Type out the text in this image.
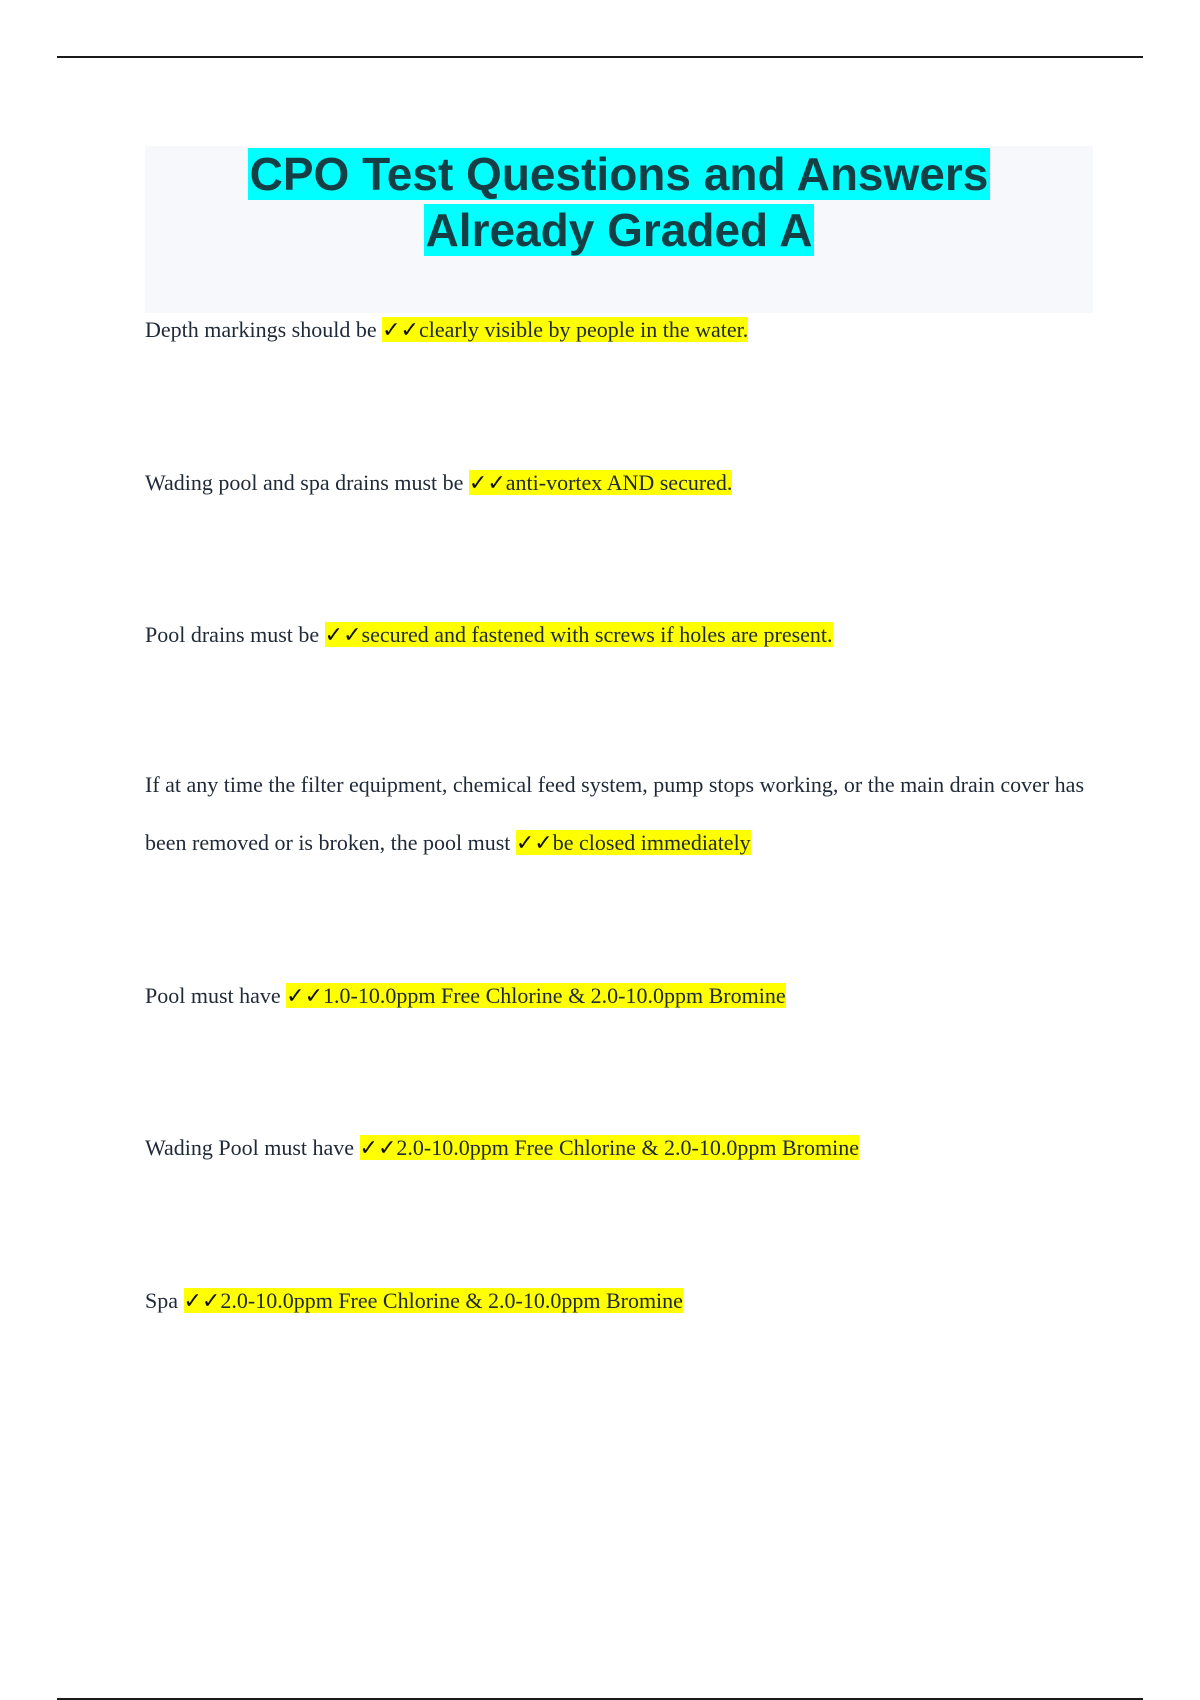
CPO Test Questions and Answers
Already Graded A

Depth markings should be ✓✓clearly visible by people in the water.

Wading pool and spa drains must be ✓✓anti-vortex AND secured.

Pool drains must be ✓✓secured and fastened with screws if holes are present.

If at any time the filter equipment, chemical feed system, pump stops working, or the main drain cover has been removed or is broken, the pool must ✓✓be closed immediately

Pool must have ✓✓1.0-10.0ppm Free Chlorine & 2.0-10.0ppm Bromine

Wading Pool must have ✓✓2.0-10.0ppm Free Chlorine & 2.0-10.0ppm Bromine

Spa ✓✓2.0-10.0ppm Free Chlorine & 2.0-10.0ppm Bromine
